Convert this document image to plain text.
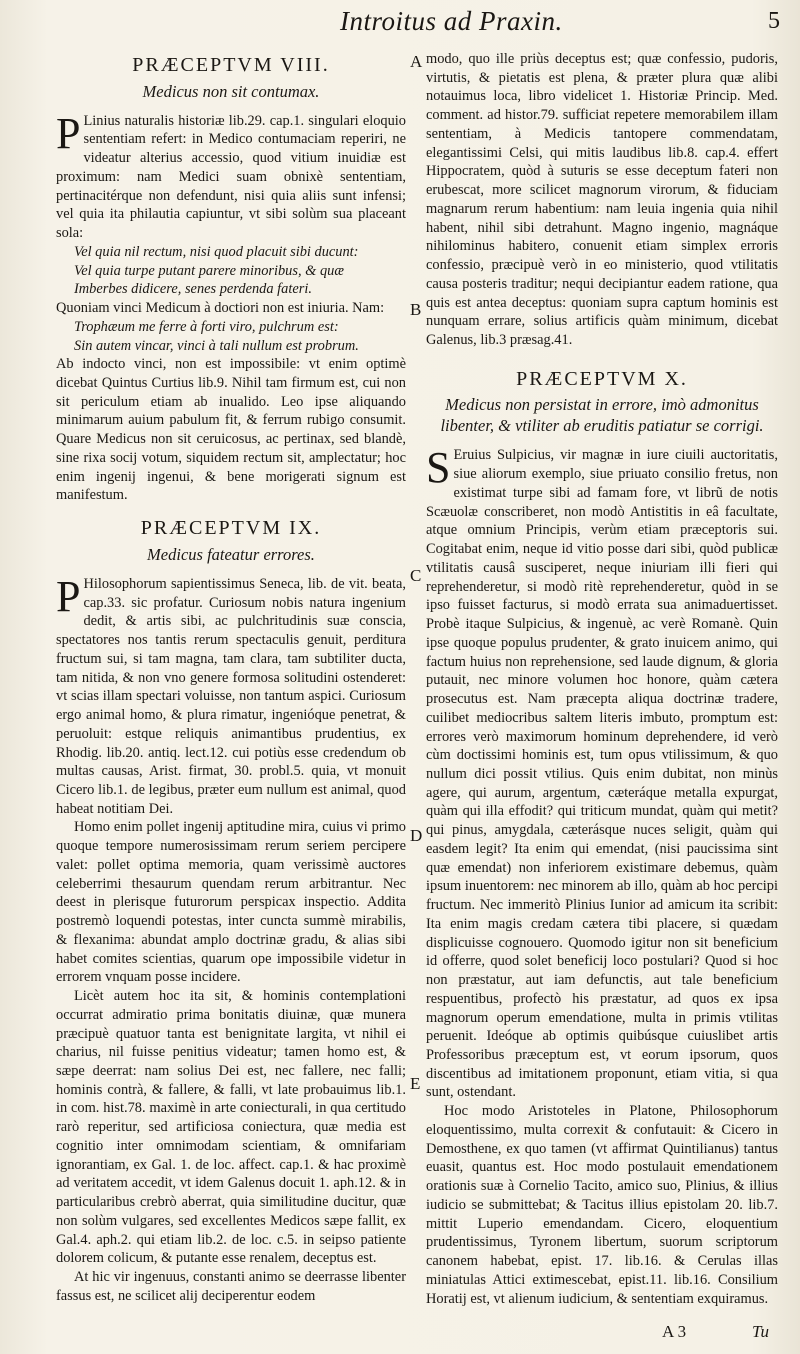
Introitus ad Praxin.	5
PRÆCEPTVM VIII.
Medicus non sit contumax.

P Linius naturalis historiæ lib.29. cap.1. singulari eloquio sententiam refert: in Medico contumaciam reperiri, ne videatur alterius accessio, quod vitium inuidiæ est proximum: nam Medici suam obnixè sententiam, pertinacitérque non defendunt, nisi quia aliis sunt infensi; vel quia ita philautia capiuntur, vt sibi solùm sua placeant sola:

Vel quia nil rectum, nisi quod placuit sibi ducunt:

Vel quia turpe putant parere minoribus, & quæ

Imberbes didicere, senes perdenda fateri.

Quoniam vinci Medicum à doctiori non est iniuria. Nam:

Trophæum me ferre à forti viro, pulchrum est:

Sin autem vincar, vinci à tali nullum est probrum.

Ab indocto vinci, non est impossibile: vt enim optimè dicebat Quintus Curtius lib.9. Nihil tam firmum est, cui non sit periculum etiam ab inualido. Leo ipse aliquando minimarum auium pabulum fit, & ferrum rubigo consumit. Quare Medicus non sit ceruicosus, ac pertinax, sed blandè, sine rixa socij votum, siquidem rectum sit, amplectatur; hoc enim ingenij ingenui, & bene morigerati signum est manifestum.

PRÆCEPTVM IX.
Medicus fateatur errores.

P Hilosophorum sapientissimus Seneca, lib. de vit. beata, cap.33. sic profatur. Curiosum nobis natura ingenium dedit, & artis sibi, ac pulchritudinis suæ conscia, spectatores nos tantis rerum spectaculis genuit, perditura fructum sui, si tam magna, tam clara, tam subtiliter ducta, tam nitida, & non vno genere formosa solitudini ostenderet: vt scias illam spectari voluisse, non tantum aspici. Curiosum ergo animal homo, & plura rimatur, ingenióque penetrat, & peruoluit: estque reliquis animantibus prudentius, ex Rhodig. lib.20. antiq. lect.12. cui potiùs esse credendum ob multas causas, Arist. firmat, 30. probl.5. quia, vt monuit Cicero lib.1. de legibus, præter eum nullum est animal, quod habeat notitiam Dei.

Homo enim pollet ingenij aptitudine mira, cuius vi primo quoque tempore numerosissimam rerum seriem percipere valet: pollet optima memoria, quam verissimè auctores celeberrimi thesaurum quendam rerum arbitrantur. Nec deest in plerisque futurorum perspicax inspectio. Addita postremò loquendi potestas, inter cuncta summè mirabilis, & flexanima: abundat amplo doctrinæ gradu, & alias sibi habet comites scientias, quarum ope impossibile videtur in errorem vnquam posse incidere.

Licèt autem hoc ita sit, & hominis contemplationi occurrat admiratio prima bonitatis diuinæ, quæ munera præcipuè quatuor tanta est benignitate largita, vt nihil ei charius, nil fuisse penitius videatur; tamen homo est, & sæpe deerrat: nam solius Dei est, nec fallere, nec falli; hominis contrà, & fallere, & falli, vt late probauimus lib.1. in com. hist.78. maximè in arte coniecturali, in qua certitudo rarò reperitur, sed artificiosa coniectura, quæ media est cognitio inter omnimodam scientiam, & omnifariam ignorantiam, ex Gal. 1. de loc. affect. cap.1. & hac proximè ad veritatem accedit, vt idem Galenus docuit 1. aph.12. & in particularibus crebrò aberrat, quia similitudine ducitur, quæ non solùm vulgares, sed excellentes Medicos sæpe fallit, ex Gal.4. aph.2. qui etiam lib.2. de loc. c.5. in seipso patiente dolorem colicum, & putante esse renalem, deceptus est.

At hic vir ingenuus, constanti animo se deerrasse libenter fassus est, ne scilicet alij deciperentur eodem

A
B
C
D
E

modo, quo ille priùs deceptus est; quæ confessio, pudoris, virtutis, & pietatis est plena, & præter plura quæ alibi notauimus loca, libro videlicet 1. Historiæ Princip. Med. comment. ad histor.79. sufficiat repetere memorabilem illam sententiam, à Medicis tantopere commendatam, elegantissimi Celsi, qui mitis laudibus lib.8. cap.4. effert Hippocratem, quòd à suturis se esse deceptum fateri non erubescat, more scilicet magnorum virorum, & fiduciam magnarum rerum habentium: nam leuia ingenia quia nihil habent, nihil sibi detrahunt. Magno ingenio, magnáque nihilominus habitero, conuenit etiam simplex erroris confessio, præcipuè verò in eo ministerio, quod vtilitatis causa posteris traditur; nequi decipiantur eadem ratione, qua quis est antea deceptus: quoniam supra captum hominis est nunquam errare, solius artificis quàm minimum, dicebat Galenus, lib.3 præsag.41.

PRÆCEPTVM X.
Medicus non persistat in errore, imò admonitus libenter, & vtiliter ab eruditis patiatur se corrigi.

S Eruius Sulpicius, vir magnæ in iure ciuili auctoritatis, siue aliorum exemplo, siue priuato consilio fretus, non existimat turpe sibi ad famam fore, vt librũ de notis Scæuolæ conscriberet, non modò Antistitis in eâ facultate, atque omnium Principis, verùm etiam præceptoris sui. Cogitabat enim, neque id vitio posse dari sibi, quòd publicæ vtilitatis causâ susciperet, neque iniuriam illi fieri qui reprehenderetur, si modò ritè reprehenderetur, quòd in se ipso fuisset facturus, si modò errata sua animaduertisset. Probè itaque Sulpicius, & ingenuè, ac verè Romanè. Quin ipse quoque populus prudenter, & grato inuicem animo, qui factum huius non reprehensione, sed laude dignum, & gloria putauit, nec minore volumen hoc honore, quàm cætera prosecutus est. Nam præcepta aliqua doctrinæ tradere, cuilibet mediocribus saltem literis imbuto, promptum est: errores verò maximorum hominum deprehendere, id verò cùm doctissimi hominis est, tum opus vtilissimum, & quo nullum dici possit vtilius. Quis enim dubitat, non minùs agere, qui aurum, argentum, cæteráque metalla expurgat, quàm qui illa effodit? qui triticum mundat, quàm qui metit? qui pinus, amygdala, cæterásque nuces seligit, quàm qui easdem legit? Ita enim qui emendat, (nisi paucissima sint quæ emendat) non inferiorem existimare debemus, quàm ipsum inuentorem: nec minorem ab illo, quàm ab hoc percipi fructum. Nec immeritò Plinius Iunior ad amicum ita scribit: Ita enim magis credam cætera tibi placere, si quædam displicuisse cognouero. Quomodo igitur non sit beneficium id offerre, quod solet beneficij loco postulari? Quod si hoc non præstatur, aut iam defunctis, aut tale beneficium respuentibus, profectò his præstatur, ad quos ex ipsa magnorum operum emendatione, multa in primis vtilitas peruenit. Ideóque ab optimis quibúsque cuiuslibet artis Professoribus præceptum est, vt eorum ipsorum, quos discentibus ad imitationem proponunt, etiam vitia, si qua sunt, ostendant.

Hoc modo Aristoteles in Platone, Philosophorum eloquentissimo, multa correxit & confutauit: & Cicero in Demosthene, ex quo tamen (vt affirmat Quintilianus) tantus euasit, quantus est. Hoc modo postulauit emendationem orationis suæ à Cornelio Tacito, amico suo, Plinius, & illius iudicio se submittebat; & Tacitus illius epistolam 20. lib.7. mittit Luperio emendandam. Cicero, eloquentium prudentissimus, Tyronem libertum, suorum scriptorum canonem habebat, epist. 17. lib.16. & Cerulas illas miniatulas Attici extimescebat, epist.11. lib.16. Consilium Horatij est, vt alienum iudicium, & sententiam exquiramus.

A 3	Tu
